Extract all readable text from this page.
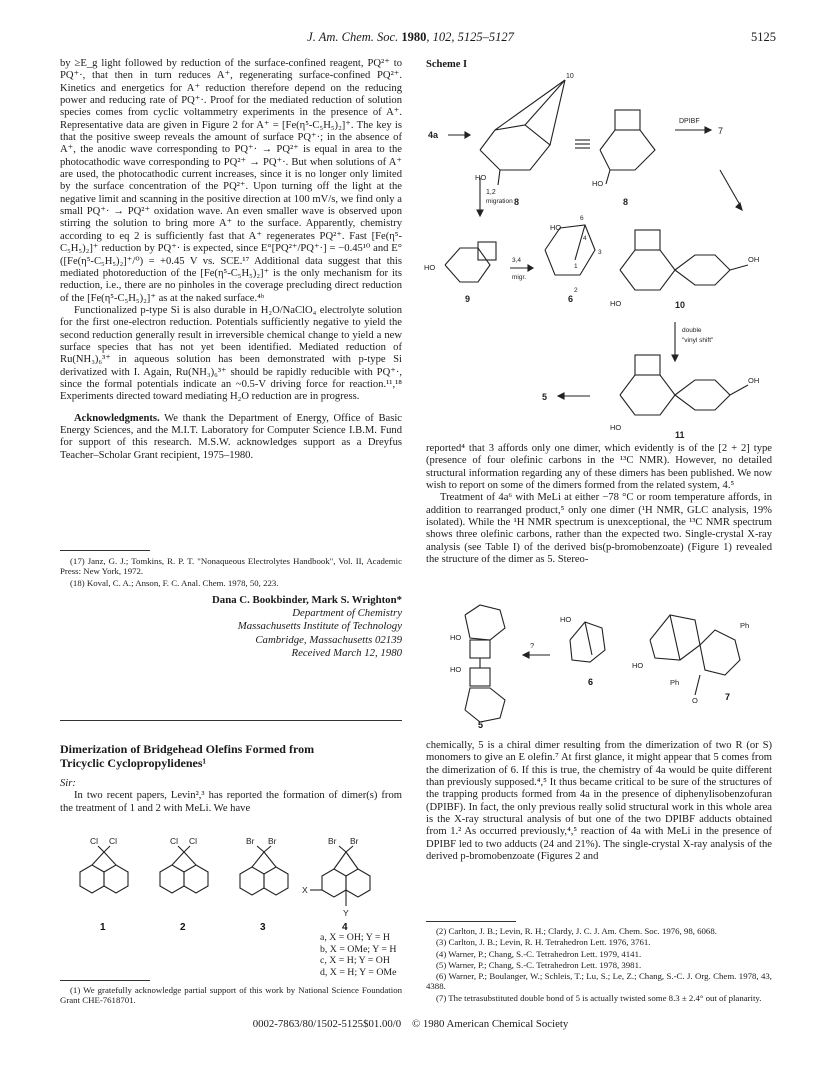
J. Am. Chem. Soc. 1980, 102, 5125–5127	5125

by ≥E_g light followed by reduction of the surface-confined reagent, PQ²⁺ to PQ⁺·, that then in turn reduces A⁺, regenerating surface-confined PQ²⁺. Kinetics and energetics for A⁺ reduction therefore depend on the reducing power and reducing rate of PQ⁺·. Proof for the mediated reduction of solution species comes from cyclic voltammetry experiments in the presence of A⁺. Representative data are given in Figure 2 for A⁺ = [Fe(η⁵-C₅H₅)₂]⁺. The key is that the positive sweep reveals the amount of surface PQ⁺·; in the absence of A⁺, the anodic wave corresponding to PQ⁺· → PQ²⁺ is equal in area to the photocathodic wave corresponding to PQ²⁺ → PQ⁺·. But when solutions of A⁺ are used, the photocathodic current increases, since it is no longer only limited by the surface concentration of the PQ²⁺. Upon turning off the light at the negative limit and scanning in the positive direction at 100 mV/s, we find only a small PQ⁺· → PQ²⁺ oxidation wave. An even smaller wave is observed upon stirring the solution to bring more A⁺ to the surface. Apparently, chemistry according to eq 2 is sufficiently fast that A⁺ regenerates PQ²⁺. Fast [Fe(η⁵-C₅H₅)₂]⁺ reduction by PQ⁺· is expected, since E°[PQ²⁺/PQ⁺·] = −0.45¹⁰ and E°([Fe(η⁵-C₅H₅)₂]⁺/⁰) = +0.45 V vs. SCE.¹⁷ Additional data suggest that this mediated photoreduction of the [Fe(η⁵-C₅H₅)₂]⁺ is the only mechanism for its reduction, i.e., there are no pinholes in the coverage precluding direct reduction of the [Fe(η⁵-C₅H₅)₂]⁺ as at the naked surface.⁴ᵇ

Functionalized p-type Si is also durable in H₂O/NaClO₄ electrolyte solution for the first one-electron reduction. Potentials sufficiently negative to yield the second reduction generally result in irreversible chemical change to yield a new surface species that has not yet been identified. Mediated reduction of Ru(NH₃)₆³⁺ in aqueous solution has been demonstrated with p-type Si derivatized with I. Again, Ru(NH₃)₆³⁺ should be rapidly reducible with PQ⁺·, since the formal potentials indicate an ~0.5-V driving force for reaction.¹¹,¹⁸ Experiments directed toward mediating H₂O reduction are in progress.

Acknowledgments. We thank the Department of Energy, Office of Basic Energy Sciences, and the M.I.T. Laboratory for Computer Science I.B.M. Fund for support of this research. M.S.W. acknowledges support as a Dreyfus Teacher–Scholar Grant recipient, 1975–1980.

(17) Janz, G. J.; Tomkins, R. P. T. "Nonaqueous Electrolytes Handbook", Vol. II, Academic Press: New York, 1972.

(18) Koval, C. A.; Anson, F. C. Anal. Chem. 1978, 50, 223.

Dana C. Bookbinder, Mark S. Wrighton*
Department of Chemistry
Massachusetts Institute of Technology
Cambridge, Massachusetts 02139
Received March 12, 1980
Dimerization of Bridgehead Olefins Formed from
Tricyclic Cyclopropylidenes¹

Sir:

In two recent papers, Levin²,³ has reported the formation of dimer(s) from the treatment of 1 and 2 with MeLi. We have

Cl Cl	Cl Cl	Br Br	Br Br
X
Y
1	2	3	4
a, X = OH; Y = H
b, X = OMe; Y = H
c, X = H; Y = OH
d, X = H; Y = OMe

(1) We gratefully acknowledge partial support of this work by National Science Foundation Grant CHE-7618701.

Scheme I
4a
DPIBF
7
10
1,2
migration
3,4
migr.
double
"vinyl shift"
HO
HO
HO
HO
HO
HO
OH
OH
5
8	8
9	6
10
11
1
2
3
4
6

reported⁴ that 3 affords only one dimer, which evidently is of the [2 + 2] type (presence of four olefinic carbons in the ¹³C NMR). However, no detailed structural information regarding any of these dimers has been published. We now wish to report on some of the dimers formed from the related system, 4.⁵

Treatment of 4a⁶ with MeLi at either −78 °C or room temperature affords, in addition to rearranged product,⁵ only one dimer (¹H NMR, GLC analysis, 19% isolated). While the ¹H NMR spectrum is unexceptional, the ¹³C NMR spectrum shows three olefinic carbons, rather than the expected two. Single-crystal X-ray analysis (see Table I) of the derived bis(p-bromobenzoate) (Figure 1) revealed the structure of the dimer as 5. Stereo-

HO
HO
?
HO
HO
Ph
Ph
O
5
6
7

chemically, 5 is a chiral dimer resulting from the dimerization of two R (or S) monomers to give an E olefin.⁷ At first glance, it might appear that 5 comes from the dimerization of 6. If this is true, the chemistry of 4a would be quite different than previously supposed.⁴,⁵ It thus became critical to be sure of the structures of the trapping products formed from 4a in the presence of diphenylisobenzofuran (DPIBF). In fact, the only previous really solid structural work in this whole area is the X-ray structural analysis of but one of the two DPIBF adducts obtained from 1.² As occurred previously,⁴,⁵ reaction of 4a with MeLi in the presence of DPIBF led to two adducts (24 and 21%). The single-crystal X-ray analysis of the derived p-bromobenzoate (Figures 2 and

(2) Carlton, J. B.; Levin, R. H.; Clardy, J. C. J. Am. Chem. Soc. 1976, 98, 6068.

(3) Carlton, J. B.; Levin, R. H. Tetrahedron Lett. 1976, 3761.

(4) Warner, P.; Chang, S.-C. Tetrahedron Lett. 1979, 4141.

(5) Warner, P.; Chang, S.-C. Tetrahedron Lett. 1978, 3981.

(6) Warner, P.; Boulanger, W.; Schleis, T.; Lu, S.; Le, Z.; Chang, S.-C. J. Org. Chem. 1978, 43, 4388.

(7) The tetrasubstituted double bond of 5 is actually twisted some 8.3 ± 2.4° out of planarity.

0002-7863/80/1502-5125$01.00/0 © 1980 American Chemical Society
